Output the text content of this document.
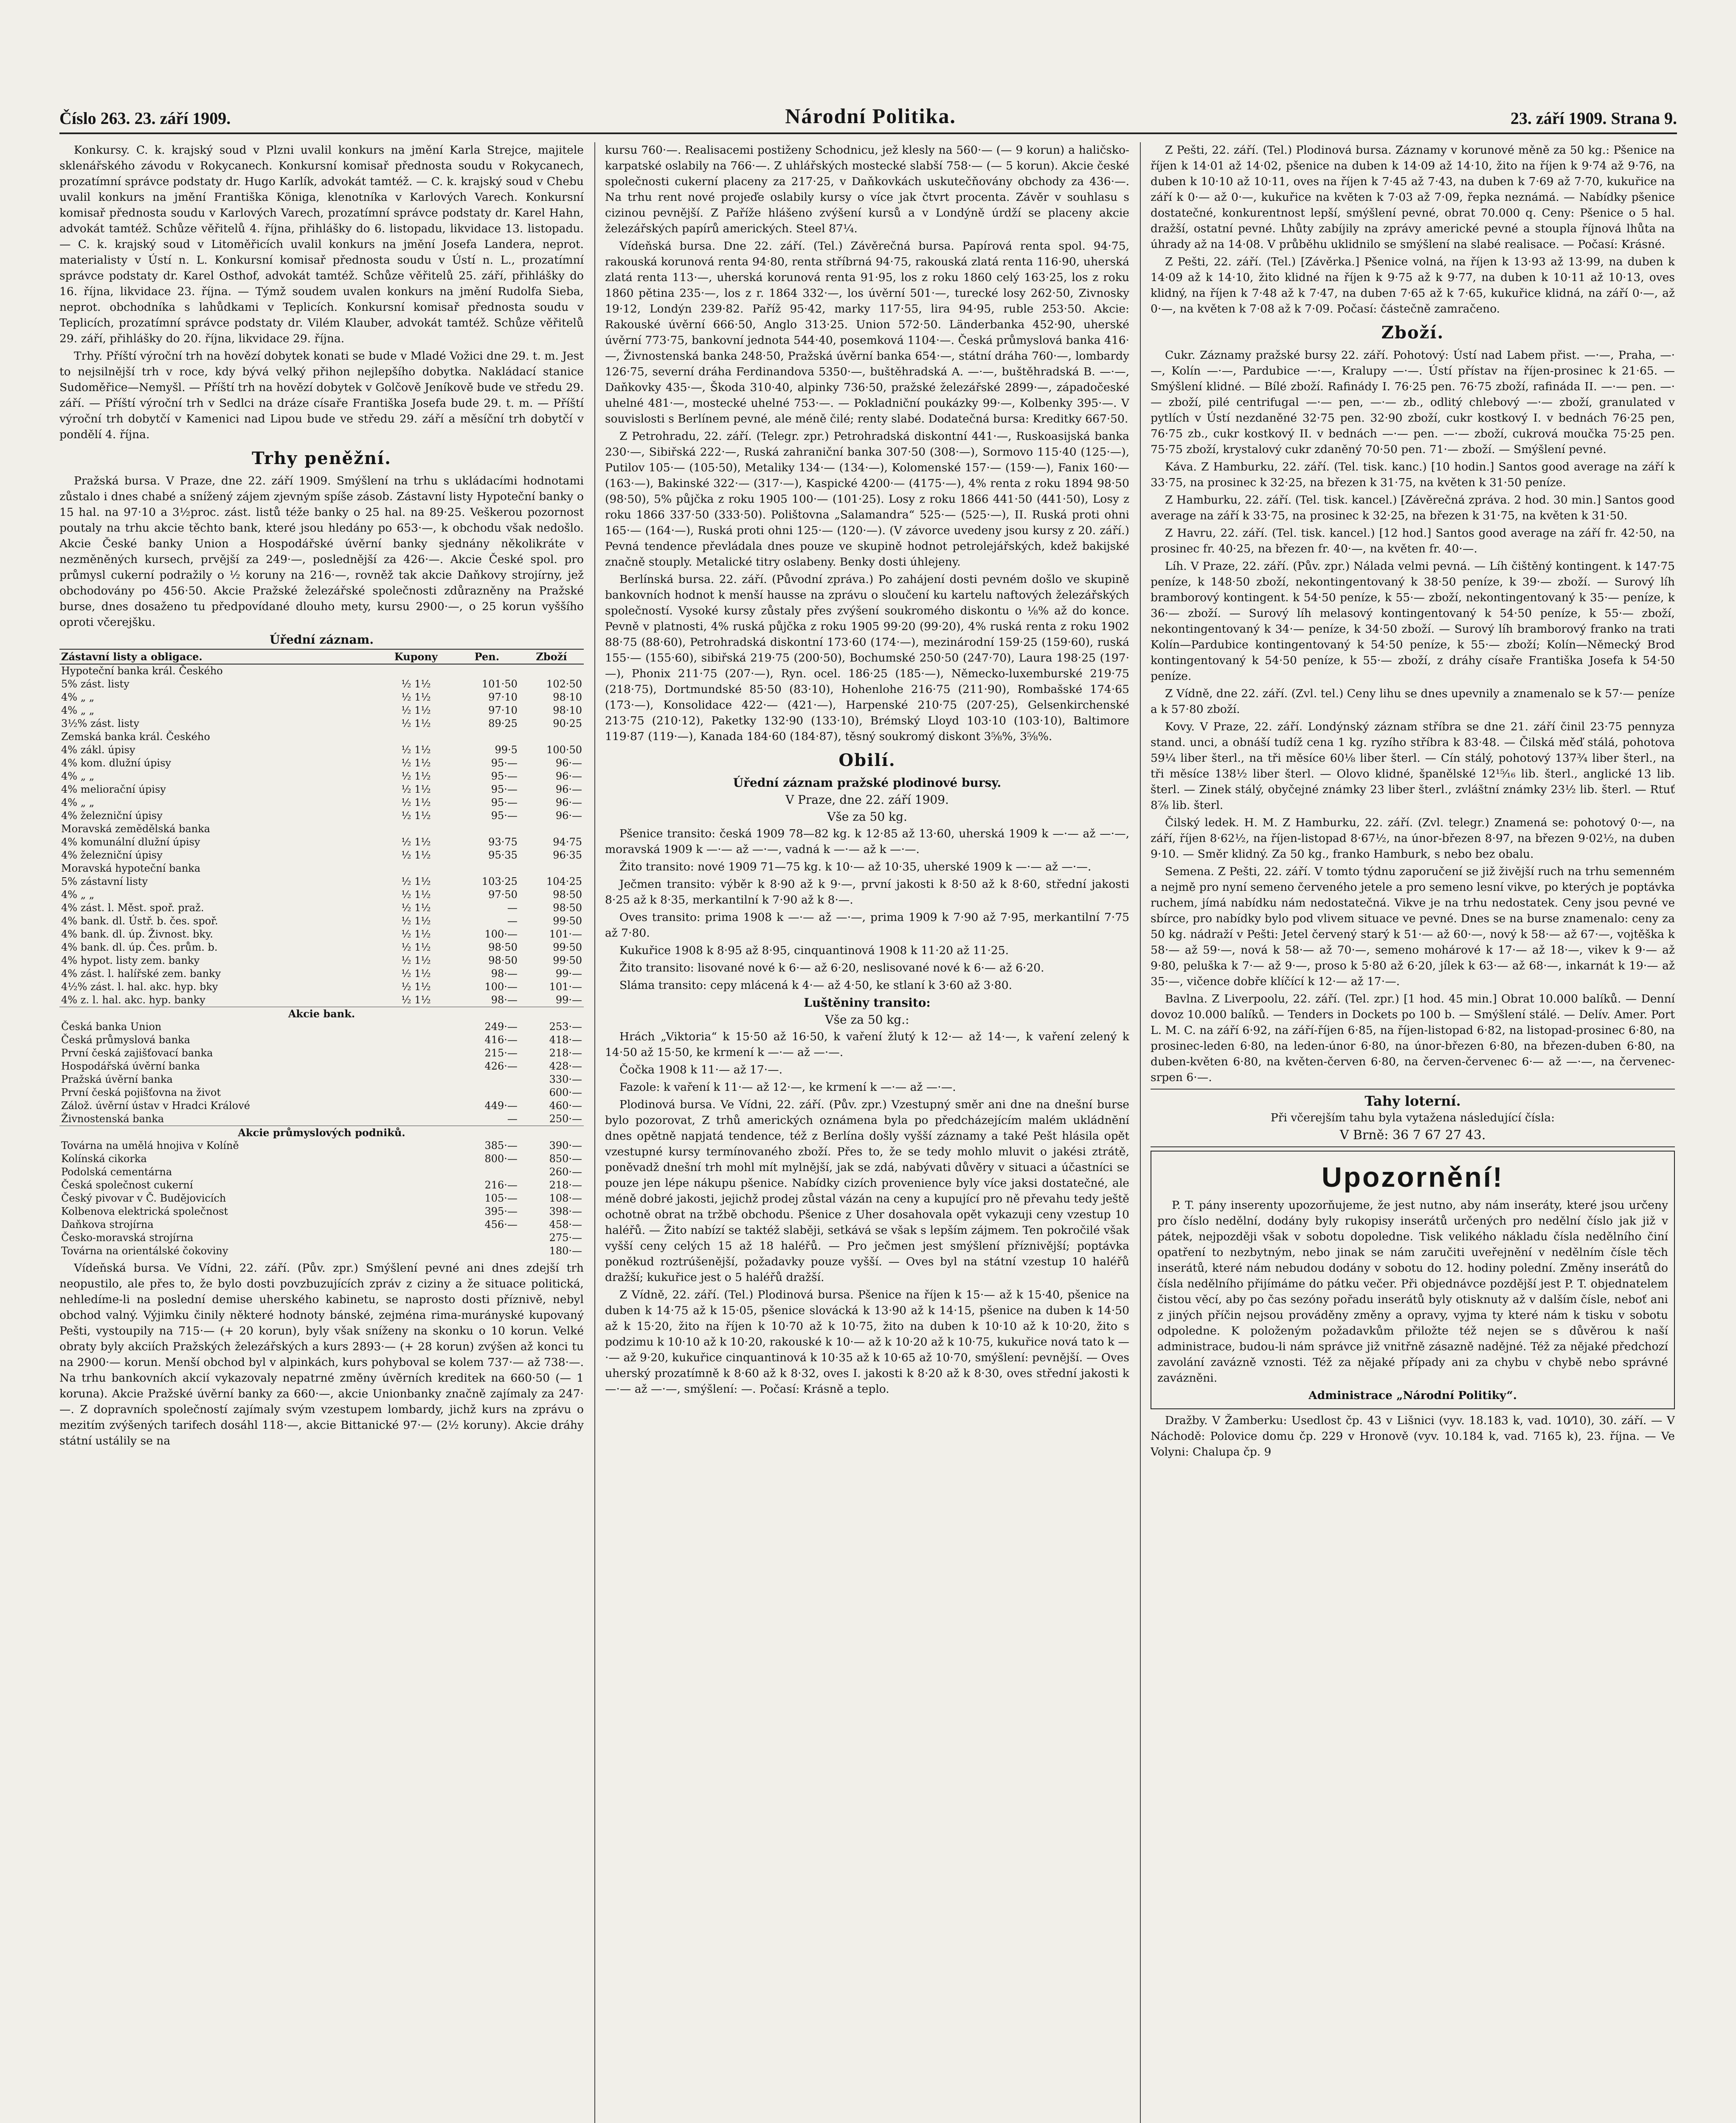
Číslo 263. 23. září 1909.	Národní Politika.	23. září 1909. Strana 9.

Konkursy. C. k. krajský soud v Plzni uvalil konkurs na jmění Karla Strejce, majitele sklenářského závodu v Rokycanech. Konkursní komisař přednosta soudu v Rokycanech, prozatímní správce podstaty dr. Hugo Karlík, advokát tamtéž. — C. k. krajský soud v Chebu uvalil konkurs na jmění Františka Königa, klenotníka v Karlových Varech. Konkursní komisař přednosta soudu v Karlových Varech, prozatímní správce podstaty dr. Karel Hahn, advokát tamtéž. Schůze věřitelů 4. října, přihlášky do 6. listopadu, likvidace 13. listopadu. — C. k. krajský soud v Litoměřicích uvalil konkurs na jmění Josefa Landera, neprot. materialisty v Ústí n. L. Konkursní komisař přednosta soudu v Ústí n. L., prozatímní správce podstaty dr. Karel Osthof, advokát tamtéž. Schůze věřitelů 25. září, přihlášky do 16. října, likvidace 23. října. — Týmž soudem uvalen konkurs na jmění Rudolfa Sieba, neprot. obchodníka s lahůdkami v Teplicích. Konkursní komisař přednosta soudu v Teplicích, prozatímní správce podstaty dr. Vilém Klauber, advokát tamtéž. Schůze věřitelů 29. září, přihlášky do 20. října, likvidace 29. října.

Trhy. Příští výroční trh na hovězí dobytek konati se bude v Mladé Vožici dne 29. t. m. Jest to nejsilnější trh v roce, kdy bývá velký přihon nejlepšího dobytka. Nakládací stanice Sudoměřice—Nemyšl. — Příští trh na hovězí dobytek v Golčově Jeníkově bude ve středu 29. září. — Příští výroční trh v Sedlci na dráze císaře Františka Josefa bude 29. t. m. — Příští výroční trh dobytčí v Kamenici nad Lipou bude ve středu 29. září a měsíční trh dobytčí v pondělí 4. října.

Trhy peněžní.

Pražská bursa. V Praze, dne 22. září 1909. Smýšlení na trhu s ukládacími hodnotami zůstalo i dnes chabé a snížený zájem zjevným spíše zásob. Zástavní listy Hypoteční banky o 15 hal. na 97·10 a 3½proc. zást. listů téže banky o 25 hal. na 89·25. Veškerou pozornost poutaly na trhu akcie těchto bank, které jsou hledány po 653·—, k obchodu však nedošlo. Akcie České banky Union a Hospodářské úvěrní banky sjednány několikráte v nezměněných kursech, prvější za 249·—, poslednější za 426·—. Akcie České spol. pro průmysl cukerní podražily o ½ koruny na 216·—, rovněž tak akcie Daňkovy strojírny, jež obchodovány po 456·50. Akcie Pražské železářské společnosti zdůrazněny na Pražské burse, dnes dosaženo tu předpovídané dlouho mety, kursu 2900·—, o 25 korun vyššího oproti včerejšku.

Úřední záznam.
Zástavní listy a obligace.	Kupony	Pen.	Zboží
Hypoteční banka král. Českého			
5% zást. listy	½ 1½	101·50	102·50
4% „ „	½ 1½	97·10	98·10
4% „ „	½ 1½	97·10	98·10
3½% zást. listy	½ 1½	89·25	90·25
Zemská banka král. Českého			
4% zákl. úpisy	½ 1½	99·5	100·50
4% kom. dlužní úpisy	½ 1½	95·—	96·—
4% „ „	½ 1½	95·—	96·—
4% meliorační úpisy	½ 1½	95·—	96·—
4% „ „	½ 1½	95·—	96·—
4% železniční úpisy	½ 1½	95·—	96·—
Moravská zemědělská banka			
4% komunální dlužní úpisy	½ 1½	93·75	94·75
4% železniční úpisy	½ 1½	95·35	96·35
Moravská hypoteční banka			
5% zástavní listy	½ 1½	103·25	104·25
4% „ „	½ 1½	97·50	98·50
4% zást. l. Měst. spoř. praž.	½ 1½	—	98·50
4% bank. dl. Ústř. b. čes. spoř.	½ 1½	—	99·50
4% bank. dl. úp. Živnost. bky.	½ 1½	100·—	101·—
4% bank. dl. úp. Čes. prům. b.	½ 1½	98·50	99·50
4% hypot. listy zem. banky	½ 1½	98·50	99·50
4% zást. l. halířské zem. banky	½ 1½	98·—	99·—
4½% zást. l. hal. akc. hyp. bky	½ 1½	100·—	101·—
4% z. l. hal. akc. hyp. banky	½ 1½	98·—	99·—
Akcie bank.			
Česká banka Union		249·—	253·—
Česká průmyslová banka		416·—	418·—
První česká zajišťovací banka		215·—	218·—
Hospodářská úvěrní banka		426·—	428·—
Pražská úvěrní banka			330·—
První česká pojišťovna na život			600·—
Zálož. úvěrní ústav v Hradci Králové		449·—	460·—
Živnostenská banka		—	250·—
Akcie průmyslových podniků.			
Továrna na umělá hnojiva v Kolíně		385·—	390·—
Kolínská cikorka		800·—	850·—
Podolská cementárna			260·—
Česká společnost cukerní		216·—	218·—
Český pivovar v Č. Budějovicích		105·—	108·—
Kolbenova elektrická společnost		395·—	398·—
Daňkova strojírna		456·—	458·—
Česko-moravská strojírna			275·—
Továrna na orientálské čokoviny			180·—

Vídeňská bursa. Ve Vídni, 22. září. (Pův. zpr.) Smýšlení pevné ani dnes zdejší trh neopustilo, ale přes to, že bylo dosti povzbuzujících zpráv z ciziny a že situace politická, nehledíme-li na poslední demise uherského kabinetu, se naprosto dosti příznivě, nebyl obchod valný. Výjimku činily některé hodnoty bánské, zejména rima-murányské kupovaný Pešti, vystoupily na 715·— (+ 20 korun), byly však sníženy na skonku o 10 korun. Velké obraty byly akciích Pražských železářských a kurs 2893·— (+ 28 korun) zvýšen až konci tu na 2900·— korun. Menší obchod byl v alpinkách, kurs pohyboval se kolem 737·— až 738·—. Na trhu bankovních akcií vykazovaly nepatrné změny úvěrních kreditek na 660·50 (— 1 koruna). Akcie Pražské úvěrní banky za 660·—, akcie Unionbanky značně zajímaly za 247·—. Z dopravních společností zajímaly svým vzestupem lombardy, jichž kurs na zprávu o mezitím zvýšených tarifech dosáhl 118·—, akcie Bittanické 97·— (2½ koruny). Akcie dráhy státní ustálily se na

kursu 760·—. Realisacemi postiženy Schodnicu, jež klesly na 560·— (— 9 korun) a haličsko-karpatské oslabily na 766·—. Z uhlářských mostecké slabší 758·— (— 5 korun). Akcie české společnosti cukerní placeny za 217·25, v Daňkovkách uskutečňovány obchody za 436·—. Na trhu rent nové projeďe oslabily kursy o více jak čtvrt procenta. Závěr v souhlasu s cizinou pevnější. Z Paříže hlášeno zvýšení kursů a v Londýně úrdží se placeny akcie železářských papírů amerických. Steel 87¼.

Vídeňská bursa. Dne 22. září. (Tel.) Závěrečná bursa. Papírová renta spol. 94·75, rakouská korunová renta 94·80, renta stříbrná 94·75, rakouská zlatá renta 116·90, uherská zlatá renta 113·—, uherská korunová renta 91·95, los z roku 1860 celý 163·25, los z roku 1860 pětina 235·—, los z r. 1864 332·—, los úvěrní 501·—, turecké losy 262·50, Zivnosky 19·12, Londýn 239·82. Paříž 95·42, marky 117·55, lira 94·95, ruble 253·50. Akcie: Rakouské úvěrní 666·50, Anglo 313·25. Union 572·50. Länderbanka 452·90, uherské úvěrní 773·75, bankovní jednota 544·40, posemková 1104·—. Česká průmyslová banka 416·—, Živnostenská banka 248·50, Pražská úvěrní banka 654·—, státní dráha 760·—, lombardy 126·75, severní dráha Ferdinandova 5350·—, buštěhradská A. —·—, buštěhradská B. —·—, Daňkovky 435·—, Škoda 310·40, alpinky 736·50, pražské železářské 2899·—, západočeské uhelné 481·—, mostecké uhelné 753·—. — Pokladniční poukázky 99·—, Kolbenky 395·—. V souvislosti s Berlínem pevné, ale méně čilé; renty slabé. Dodatečná bursa: Kreditky 667·50.

Z Petrohradu, 22. září. (Telegr. zpr.) Petrohradská diskontní 441·—, Ruskoasijská banka 230·—, Sibiřská 222·—, Ruská zahraniční banka 307·50 (308·—), Sormovo 115·40 (125·—), Putilov 105·— (105·50), Metaliky 134·— (134·—), Kolomenské 157·— (159·—), Fanix 160·— (163·—), Bakinské 322·— (317·—), Kaspické 4200·— (4175·—), 4% renta z roku 1894 98·50 (98·50), 5% půjčka z roku 1905 100·— (101·25). Losy z roku 1866 441·50 (441·50), Losy z roku 1866 337·50 (333·50). Polištovna „Salamandra“ 525·— (525·—), II. Ruská proti ohni 165·— (164·—), Ruská proti ohni 125·— (120·—). (V závorce uvedeny jsou kursy z 20. září.) Pevná tendence převládala dnes pouze ve skupině hodnot petrolejářských, kdež bakijské značně stouply. Metalické titry oslabeny. Benky dosti úhlejeny.

Berlínská bursa. 22. září. (Původní zpráva.) Po zahájení dosti pevném došlo ve skupině bankovních hodnot k menší hausse na zprávu o sloučení ku kartelu naftových železářských společností. Vysoké kursy zůstaly přes zvýšení soukromého diskontu o ⅛% až do konce. Pevně v platnosti, 4% ruská půjčka z roku 1905 99·20 (99·20), 4% ruská renta z roku 1902 88·75 (88·60), Petrohradská diskontní 173·60 (174·—), mezinárodní 159·25 (159·60), ruská 155·— (155·60), sibiřská 219·75 (200·50), Bochumské 250·50 (247·70), Laura 198·25 (197·—), Phonix 211·75 (207·—), Ryn. ocel. 186·25 (185·—), Německo-luxemburské 219·75 (218·75), Dortmundské 85·50 (83·10), Hohenlohe 216·75 (211·90), Rombašské 174·65 (173·—), Konsolidace 422·— (421·—), Harpenské 210·75 (207·25), Gelsenkirchenské 213·75 (210·12), Paketky 132·90 (133·10), Brémský Lloyd 103·10 (103·10), Baltimore 119·87 (119·—), Kanada 184·60 (184·87), těsný soukromý diskont 3⅝%, 3⅝%.

Obilí.
Úřední záznam pražské plodinové bursy.
V Praze, dne 22. září 1909.
Vše za 50 kg.

Pšenice transito: česká 1909 78—82 kg. k 12·85 až 13·60, uherská 1909 k —·— až —·—, moravská 1909 k —·— až —·—, vadná k —·— až k —·—.

Žito transito: nové 1909 71—75 kg. k 10·— až 10·35, uherské 1909 k —·— až —·—.

Ječmen transito: výběr k 8·90 až k 9·—, první jakosti k 8·50 až k 8·60, střední jakosti 8·25 až k 8·35, merkantilní k 7·90 až k 8·—.

Oves transito: prima 1908 k —·— až —·—, prima 1909 k 7·90 až 7·95, merkantilní 7·75 až 7·80.

Kukuřice 1908 k 8·95 až 8·95, cinquantinová 1908 k 11·20 až 11·25.

Žito transito: lisované nové k 6·— až 6·20, neslisované nové k 6·— až 6·20.

Sláma transito: cepy mlácená k 4·— až 4·50, ke stlaní k 3·60 až 3·80.

Luštěniny transito:
Vše za 50 kg.:

Hrách „Viktoria“ k 15·50 až 16·50, k vaření žlutý k 12·— až 14·—, k vaření zelený k 14·50 až 15·50, ke krmení k —·— až —·—.

Čočka 1908 k 11·— až 17·—.

Fazole: k vaření k 11·— až 12·—, ke krmení k —·— až —·—.

Plodinová bursa. Ve Vídni, 22. září. (Pův. zpr.) Vzestupný směr ani dne na dnešní burse bylo pozorovat, Z trhů amerických oznámena byla po předcházejícím malém ukládnění dnes opětně napjatá tendence, též z Berlína došly vyšší záznamy a také Pešt hlásila opět vzestupné kursy termínovaného zboží. Přes to, že se tedy mohlo mluvit o jakési ztrátě, poněvadž dnešní trh mohl mít mylnější, jak se zdá, nabývati důvěry v situaci a účastníci se pouze jen lépe nákupu pšenice. Nabídky cizích provenience byly více jaksi dostatečné, ale méně dobré jakosti, jejichž prodej zůstal vázán na ceny a kupující pro ně převahu tedy ještě ochotně obrat na tržbě obchodu. Pšenice z Uher dosahovala opět vykazuji ceny vzestup 10 haléřů. — Žito nabízí se taktéž slaběji, setkává se však s lepším zájmem. Ten pokročilé však vyšší ceny celých 15 až 18 haléřů. — Pro ječmen jest smýšlení příznivější; poptávka poněkud roztrúšenější, požadavky pouze vyšší. — Oves byl na státní vzestup 10 haléřů dražší; kukuřice jest o 5 haléřů dražší.

Z Vídně, 22. září. (Tel.) Plodinová bursa. Pšenice na říjen k 15·— až k 15·40, pšenice na duben k 14·75 až k 15·05, pšenice slovácká k 13·90 až k 14·15, pšenice na duben k 14·50 až k 15·20, žito na říjen k 10·70 až k 10·75, žito na duben k 10·10 až k 10·20, žito s podzimu k 10·10 až k 10·20, rakouské k 10·— až k 10·20 až k 10·75, kukuřice nová tato k —·— až 9·20, kukuřice cinquantinová k 10·35 až k 10·65 až 10·70, smýšlení: pevnější. — Oves uherský prozatímně k 8·60 až k 8·32, oves I. jakosti k 8·20 až k 8·30, oves střední jakosti k —·— až —·—, smýšlení: —. Počasí: Krásně a teplo.

Z Pešti, 22. září. (Tel.) Plodinová bursa. Záznamy v korunové měně za 50 kg.: Pšenice na říjen k 14·01 až 14·02, pšenice na duben k 14·09 až 14·10, žito na říjen k 9·74 až 9·76, na duben k 10·10 až 10·11, oves na říjen k 7·45 až 7·43, na duben k 7·69 až 7·70, kukuřice na září k 0·— až 0·—, kukuřice na květen k 7·03 až 7·09, řepka neznámá. — Nabídky pšenice dostatečné, konkurentnost lepší, smýšlení pevné, obrat 70.000 q. Ceny: Pšenice o 5 hal. dražší, ostatní pevné. Lhůty zabíjily na zprávy americké pevné a stoupla říjnová lhůta na úhrady až na 14·08. V průběhu uklidnilo se smýšlení na slabé realisace. — Počasí: Krásné.

Z Pešti, 22. září. (Tel.) [Závěrka.] Pšenice volná, na říjen k 13·93 až 13·99, na duben k 14·09 až k 14·10, žito klidné na říjen k 9·75 až k 9·77, na duben k 10·11 až 10·13, oves klidný, na říjen k 7·48 až k 7·47, na duben 7·65 až k 7·65, kukuřice klidná, na září 0·—, až 0·—, na květen k 7·08 až k 7·09. Počasí: částečně zamračeno.

Zboží.

Cukr. Záznamy pražské bursy 22. září. Pohotový: Ústí nad Labem přist. —·—, Praha, —·—, Kolín —·—, Pardubice —·—, Kralupy —·—. Ústí přístav na říjen-prosinec k 21·65. — Smýšlení klidné. — Bílé zboží. Rafinády I. 76·25 pen. 76·75 zboží, rafináda II. —·— pen. —·— zboží, pilé centrifugal —·— pen, —·— zb., odlitý chlebový —·— zboží, granulated v pytlích v Ústí nezdaněné 32·75 pen. 32·90 zboží, cukr kostkový I. v bednách 76·25 pen, 76·75 zb., cukr kostkový II. v bednách —·— pen. —·— zboží, cukrová moučka 75·25 pen. 75·75 zboží, krystalový cukr zdaněný 70·50 pen. 71·— zboží. — Smýšlení pevné.

Káva. Z Hamburku, 22. září. (Tel. tisk. kanc.) [10 hodin.] Santos good average na září k 33·75, na prosinec k 32·25, na březen k 31·75, na květen k 31·50 peníze.

Z Hamburku, 22. září. (Tel. tisk. kancel.) [Závěrečná zpráva. 2 hod. 30 min.] Santos good average na září k 33·75, na prosinec k 32·25, na březen k 31·75, na květen k 31·50.

Z Havru, 22. září. (Tel. tisk. kancel.) [12 hod.] Santos good average na září fr. 42·50, na prosinec fr. 40·25, na březen fr. 40·—, na květen fr. 40·—.

Líh. V Praze, 22. září. (Pův. zpr.) Nálada velmi pevná. — Líh čištěný kontingent. k 147·75 peníze, k 148·50 zboží, nekontingentovaný k 38·50 peníze, k 39·— zboží. — Surový líh bramborový kontingent. k 54·50 peníze, k 55·— zboží, nekontingentovaný k 35·— peníze, k 36·— zboží. — Surový líh melasový kontingentovaný k 54·50 peníze, k 55·— zboží, nekontingentovaný k 34·— peníze, k 34·50 zboží. — Surový líh bramborový franko na trati Kolín—Pardubice kontingentovaný k 54·50 peníze, k 55·— zboží; Kolín—Německý Brod kontingentovaný k 54·50 peníze, k 55·— zboží, z dráhy císaře Františka Josefa k 54·50 peníze.

Z Vídně, dne 22. září. (Zvl. tel.) Ceny lihu se dnes upevnily a znamenalo se k 57·— peníze a k 57·80 zboží.

Kovy. V Praze, 22. září. Londýnský záznam stříbra se dne 21. září činil 23·75 pennyza stand. unci, a obnáší tudíž cena 1 kg. ryzího stříbra k 83·48. — Čilská měď stálá, pohotova 59¼ liber šterl., na tři měsíce 60⅛ liber šterl. — Cín stálý, pohotový 137¾ liber šterl., na tři měsíce 138½ liber šterl. — Olovo klidné, španělské 12¹⁵⁄₁₆ lib. šterl., anglické 13 lib. šterl. — Zinek stálý, obyčejné známky 23 liber šterl., zvláštní známky 23½ lib. šterl. — Rtuť 8⅞ lib. šterl.

Čilský ledek. H. M. Z Hamburku, 22. září. (Zvl. telegr.) Znamená se: pohotový 0·—, na září, říjen 8·62½, na říjen-listopad 8·67½, na únor-březen 8·97, na březen 9·02½, na duben 9·10. — Směr klidný. Za 50 kg., franko Hamburk, s nebo bez obalu.

Semena. Z Pešti, 22. září. V tomto týdnu zaporučení se již živější ruch na trhu semenném a nejmě pro nyní semeno červeného jetele a pro semeno lesní vikve, po kterých je poptávka ruchem, jímá nabídku nám nedostatečná. Vikve je na trhu nedostatek. Ceny jsou pevné ve sbírce, pro nabídky bylo pod vlivem situace ve pevné. Dnes se na burse znamenalo: ceny za 50 kg. nádraží v Pešti: Jetel červený starý k 51·— až 60·—, nový k 58·— až 67·—, vojtěška k 58·— až 59·—, nová k 58·— až 70·—, semeno mohárové k 17·— až 18·—, vikev k 9·— až 9·80, peluška k 7·— až 9·—, proso k 5·80 až 6·20, jílek k 63·— až 68·—, inkarnát k 19·— až 35·—, vičence dobře klíčící k 12·— až 17·—.

Bavlna. Z Liverpoolu, 22. září. (Tel. zpr.) [1 hod. 45 min.] Obrat 10.000 balíků. — Denní dovoz 10.000 balíků. — Tenders in Dockets po 100 b. — Smýšlení stálé. — Delív. Amer. Port L. M. C. na září 6·92, na září-říjen 6·85, na říjen-listopad 6·82, na listopad-prosinec 6·80, na prosinec-leden 6·80, na leden-únor 6·80, na únor-březen 6·80, na březen-duben 6·80, na duben-květen 6·80, na květen-červen 6·80, na červen-červenec 6·— až —·—, na červenec-srpen 6·—.

Tahy loterní.

Při včerejším tahu byla vytažena následující čísla:

V Brně: 36 7 67 27 43.

Upozornění!

P. T. pány inserenty upozorňujeme, že jest nutno, aby nám inseráty, které jsou určeny pro číslo nedělní, dodány byly rukopisy inserátů určených pro nedělní číslo jak již v pátek, nejpozději však v sobotu dopoledne. Tisk velikého nákladu čísla nedělního činí opatření to nezbytným, nebo jinak se nám zaručiti uveřejnění v nedělním čísle těch inserátů, které nám nebudou dodány v sobotu do 12. hodiny polední. Změny inserátů do čísla nedělního přijímáme do pátku večer. Při objednávce pozdější jest P. T. objednatelem čistou věcí, aby po čas sezóny pořadu inserátů byly otisknuty až v dalším čísle, neboť ani z jiných příčin nejsou prováděny změny a opravy, vyjma ty které nám k tisku v sobotu odpoledne. K položeným požadavkům přiložte též nejen se s důvěrou k naší administrace, budou-li nám správce již vnitřně zásazně nadějné. Též za nějaké předchozí zavolání zavázně vznosti. Též za nějaké případy ani za chybu v chybě nebo správné zavázněni.

Administrace „Národní Politiky“.

Dražby. V Žamberku: Usedlost čp. 43 v Lišnici (vyv. 18.183 k, vad. 10⁄10), 30. září. — V Náchodě: Polovice domu čp. 229 v Hronově (vyv. 10.184 k, vad. 7165 k), 23. října. — Ve Volyni: Chalupa čp. 9
